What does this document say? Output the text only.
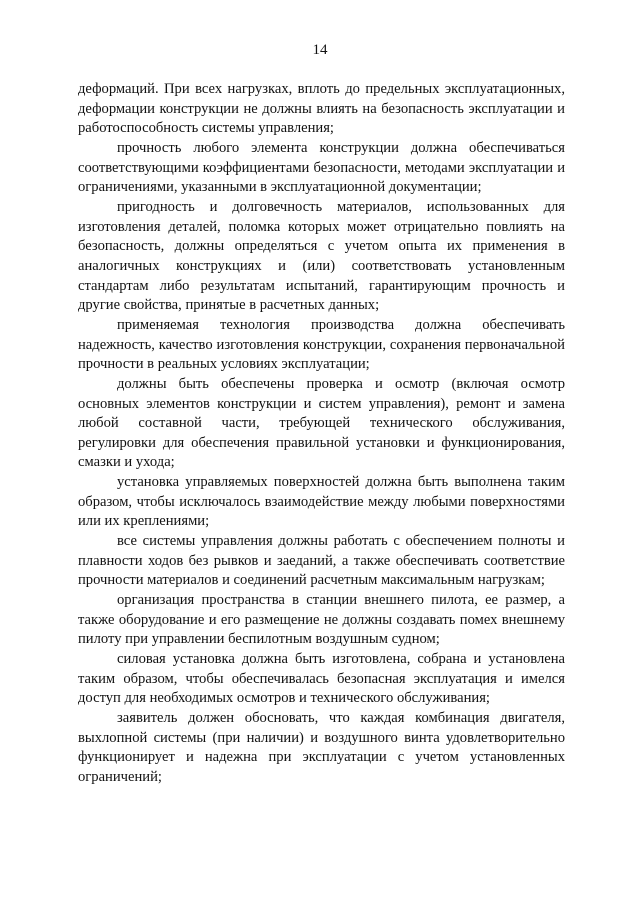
14

деформаций. При всех нагрузках, вплоть до предельных эксплуатационных, деформации конструкции не должны влиять на безопасность эксплуатации и работоспособность системы управления;

прочность любого элемента конструкции должна обеспечиваться соответствующими коэффициентами безопасности, методами эксплуатации и ограничениями, указанными в эксплуатационной документации;

пригодность и долговечность материалов, использованных для изготовления деталей, поломка которых может отрицательно повлиять на безопасность, должны определяться с учетом опыта их применения в аналогичных конструкциях и (или) соответствовать установленным стандартам либо результатам испытаний, гарантирующим прочность и другие свойства, принятые в расчетных данных;

применяемая технология производства должна обеспечивать надежность, качество изготовления конструкции, сохранения первоначальной прочности в реальных условиях эксплуатации;

должны быть обеспечены проверка и осмотр (включая осмотр основных элементов конструкции и систем управления), ремонт и замена любой составной части, требующей технического обслуживания, регулировки для обеспечения правильной установки и функционирования, смазки и ухода;

установка управляемых поверхностей должна быть выполнена таким образом, чтобы исключалось взаимодействие между любыми поверхностями или их креплениями;

все системы управления должны работать с обеспечением полноты и плавности ходов без рывков и заеданий, а также обеспечивать соответствие прочности материалов и соединений расчетным максимальным нагрузкам;

организация пространства в станции внешнего пилота, ее размер, а также оборудование и его размещение не должны создавать помех внешнему пилоту при управлении беспилотным воздушным судном;

силовая установка должна быть изготовлена, собрана и установлена таким образом, чтобы обеспечивалась безопасная эксплуатация и имелся доступ для необходимых осмотров и технического обслуживания;

заявитель должен обосновать, что каждая комбинация двигателя, выхлопной системы (при наличии) и воздушного винта удовлетворительно функционирует и надежна при эксплуатации с учетом установленных ограничений;
